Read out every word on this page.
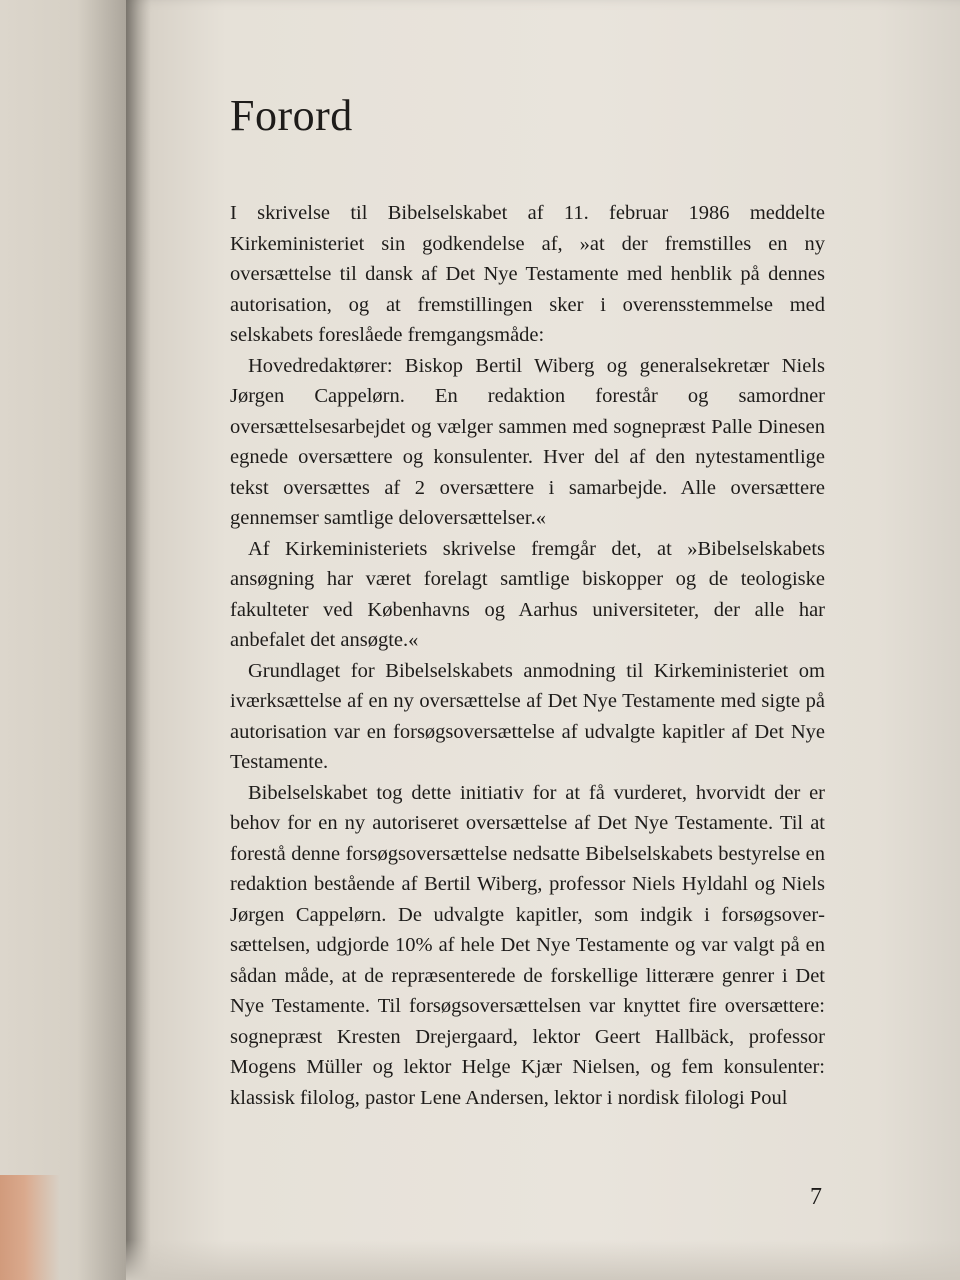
Forord

I skrivelse til Bibelselskabet af 11. februar 1986 meddelte Kirkeministeriet sin godkendelse af, »at der fremstilles en ny oversættelse til dansk af Det Nye Testamente med henblik på dennes autorisation, og at fremstillingen sker i overensstemmelse med selskabets foreslåede fremgangsmåde:

Hovedredaktører: Biskop Bertil Wiberg og generalsekretær Niels Jørgen Cappelørn. En redaktion forestår og samordner oversættelsesarbejdet og vælger sammen med sognepræst Palle Dinesen egnede oversættere og konsulenter. Hver del af den nytestamentlige tekst oversættes af 2 oversættere i samarbejde. Alle oversættere gennemser samtlige deloversættelser.«

Af Kirkeministeriets skrivelse fremgår det, at »Bibelselskabets ansøgning har været forelagt samtlige biskopper og de teologiske fakulteter ved Københavns og Aarhus universiteter, der alle har anbefalet det ansøgte.«

Grundlaget for Bibelselskabets anmodning til Kirkeministeriet om iværksættelse af en ny oversættelse af Det Nye Testamente med sigte på autorisation var en forsøgsoversættelse af udvalgte kapitler af Det Nye Testamente.

Bibelselskabet tog dette initiativ for at få vurderet, hvorvidt der er behov for en ny autoriseret oversættelse af Det Nye Testamente. Til at forestå denne forsøgsoversættelse nedsatte Bibelselskabets bestyrelse en redaktion bestående af Bertil Wiberg, professor Niels Hyldahl og Niels Jørgen Cappelørn. De udvalgte kapitler, som indgik i forsøgsoversættelsen, udgjorde 10% af hele Det Nye Testamente og var valgt på en sådan måde, at de repræsenterede de forskellige litterære genrer i Det Nye Testamente. Til forsøgsoversættelsen var knyttet fire oversættere: sognepræst Kresten Drejergaard, lektor Geert Hallbäck, professor Mogens Müller og lektor Helge Kjær Nielsen, og fem konsulenter: klassisk filolog, pastor Lene Andersen, lektor i nordisk filologi Poul

7
